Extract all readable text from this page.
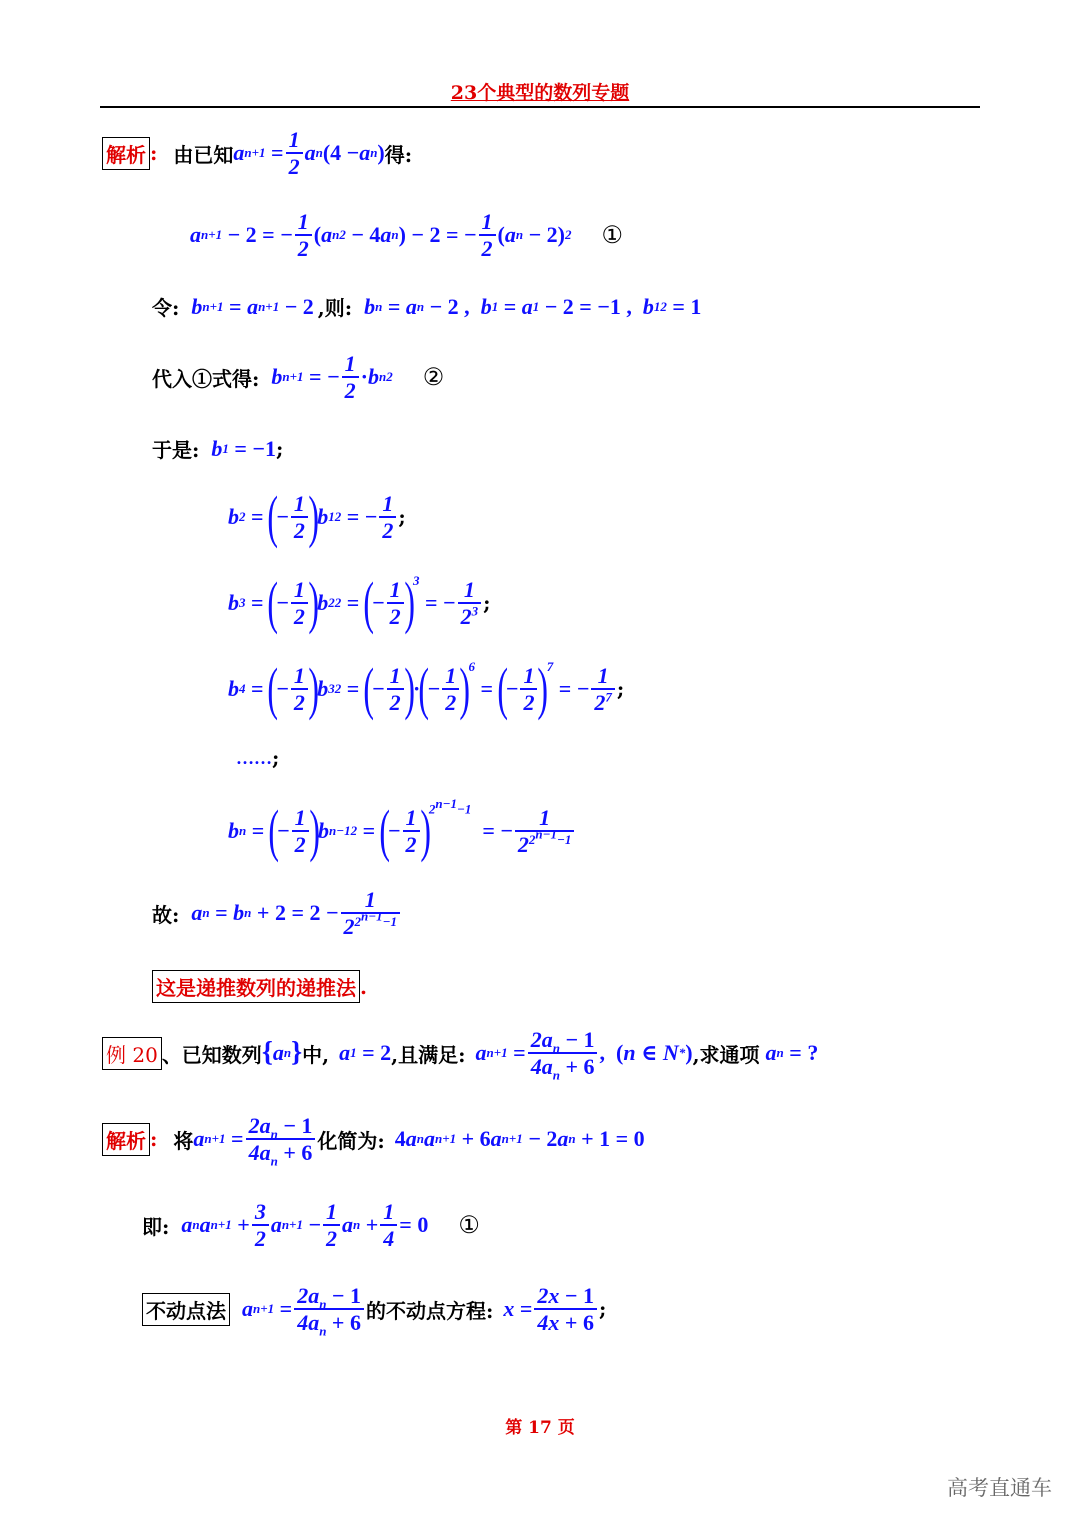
23个典型的数列专题
解析 : 由已知 a n+1
= $\frac{1}{2}$ a n (4 − a n ) 得:
a n+1 − 2 = − $\frac{1}{2}$ ( a n 2 − 4 a n ) − 2 = − $\frac{1}{2}$ ( a n − 2) 2 ①
令: b n+1 = a n+1 − 2 ,则: b n = a n − 2 , b 1 = a 1 − 2 = −1 , b 1 2 = 1
代入①式得: b n+1 = − $\frac{1}{2} \cdot b$ n 2 ②
于是: b 1 = −1 ;
b 2 =
(
− $\frac{1}{2}$ )
b 1 2 = − $\frac{1}{2}$ ;
b 3 =
(
− $\frac{1}{2}$ )
b 2 2 =
(
− $\frac{1}{2}$ )
$^3$
= − $\frac{1}{2^3}$ ;
b 4 =
(
− $\frac{1}{2}$ )
b 3 2 =
(
− $\frac{1}{2}$ )
·
(
− $\frac{1}{2}$ )
$^6$
=
(
− $\frac{1}{2}$ )
$^7$
= − $\frac{1}{2^7}$ ;
…… ;
b n =
(
− $\frac{1}{2}$ )
b n−1 2 =
(
− $\frac{1}{2}$ )
$^{2^{n-1}-1}$
= − $\frac{1}{2^{2^{n-1}-1}}$
故: a n = b $n + 2 = 2 - \frac{1}{2^{2^{n-1}-1}}$
这是递推数列的递推法 .
例 20 、已知数列 { a n } 中, a 1 = 2 ,且满足: a $n+1 = \frac{2a_n - 1}{4a_n + 6}$ ,  ( n ∈ N * ) ,求通项 a n = ?
解析 : 将 a $n+1 = \frac{2a_n - 1}{4a_n + 6}$ 化简为: 4 a n a n+1 + 6 a n+1 − 2 a n + 1 = 0
即: a n a $n+1 + \frac{3}{2}$ a $n+1 - \frac{1}{2}$ a $n + \frac{1}{4} = 0$ ①
不动点法 a $n+1 = \frac{2a_n - 1}{4a_n + 6}$ 的不动点方程: $x = \frac{2x - 1}{4x + 6}$ ;
第 17 页
高考直通车
